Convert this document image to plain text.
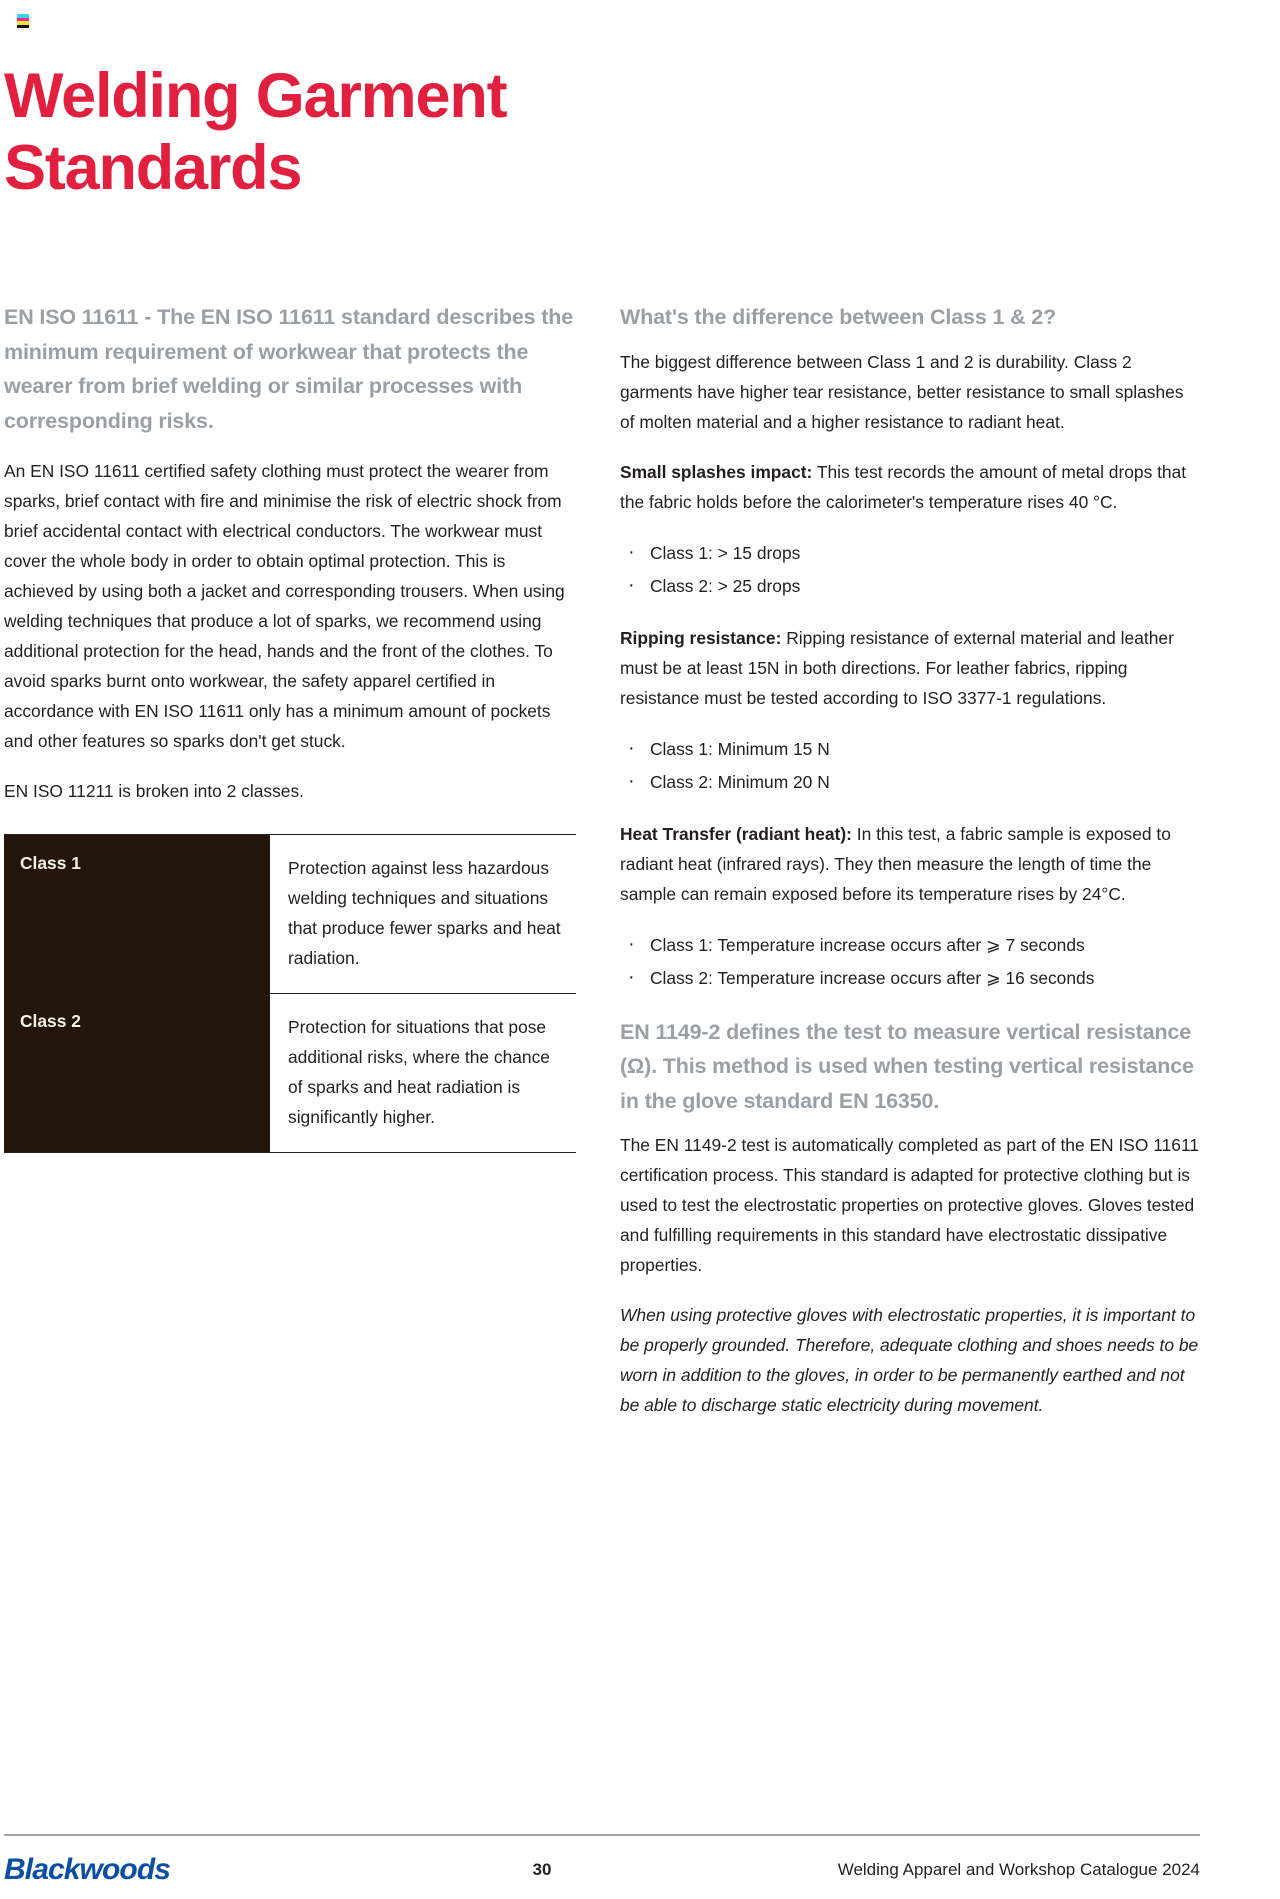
Welding Garment Standards
EN ISO 11611 - The EN ISO 11611 standard describes the minimum requirement of workwear that protects the wearer from brief welding or similar processes with corresponding risks.

An EN ISO 11611 certified safety clothing must protect the wearer from sparks, brief contact with fire and minimise the risk of electric shock from brief accidental contact with electrical conductors. The workwear must cover the whole body in order to obtain optimal protection. This is achieved by using both a jacket and corresponding trousers. When using welding techniques that produce a lot of sparks, we recommend using additional protection for the head, hands and the front of the clothes. To avoid sparks burnt onto workwear, the safety apparel certified in accordance with EN ISO 11611 only has a minimum amount of pockets and other features so sparks don't get stuck.

EN ISO 11211 is broken into 2 classes.

Class 1	Protection against less hazardous welding techniques and situations that produce fewer sparks and heat radiation.
Class 2	Protection for situations that pose additional risks, where the chance of sparks and heat radiation is significantly higher.
What's the difference between Class 1 & 2?

The biggest difference between Class 1 and 2 is durability. Class 2 garments have higher tear resistance, better resistance to small splashes of molten material and a higher resistance to radiant heat.

Small splashes impact: This test records the amount of metal drops that the fabric holds before the calorimeter's temperature rises 40 °C.

· Class 1: > 15 drops
· Class 2: > 25 drops

Ripping resistance: Ripping resistance of external material and leather must be at least 15N in both directions. For leather fabrics, ripping resistance must be tested according to ISO 3377-1 regulations.

· Class 1: Minimum 15 N
· Class 2: Minimum 20 N

Heat Transfer (radiant heat): In this test, a fabric sample is exposed to radiant heat (infrared rays). They then measure the length of time the sample can remain exposed before its temperature rises by 24°C.

· Class 1: Temperature increase occurs after ⩾ 7 seconds
· Class 2: Temperature increase occurs after ⩾ 16 seconds
EN 1149-2 defines the test to measure vertical resistance (Ω). This method is used when testing vertical resistance in the glove standard EN 16350.

The EN 1149-2 test is automatically completed as part of the EN ISO 11611 certification process. This standard is adapted for protective clothing but is used to test the electrostatic properties on protective gloves. Gloves tested and fulfilling requirements in this standard have electrostatic dissipative properties.

When using protective gloves with electrostatic properties, it is important to be properly grounded. Therefore, adequate clothing and shoes needs to be worn in addition to the gloves, in order to be permanently earthed and not be able to discharge static electricity during movement.

Blackwoods	30	Welding Apparel and Workshop Catalogue 2024
